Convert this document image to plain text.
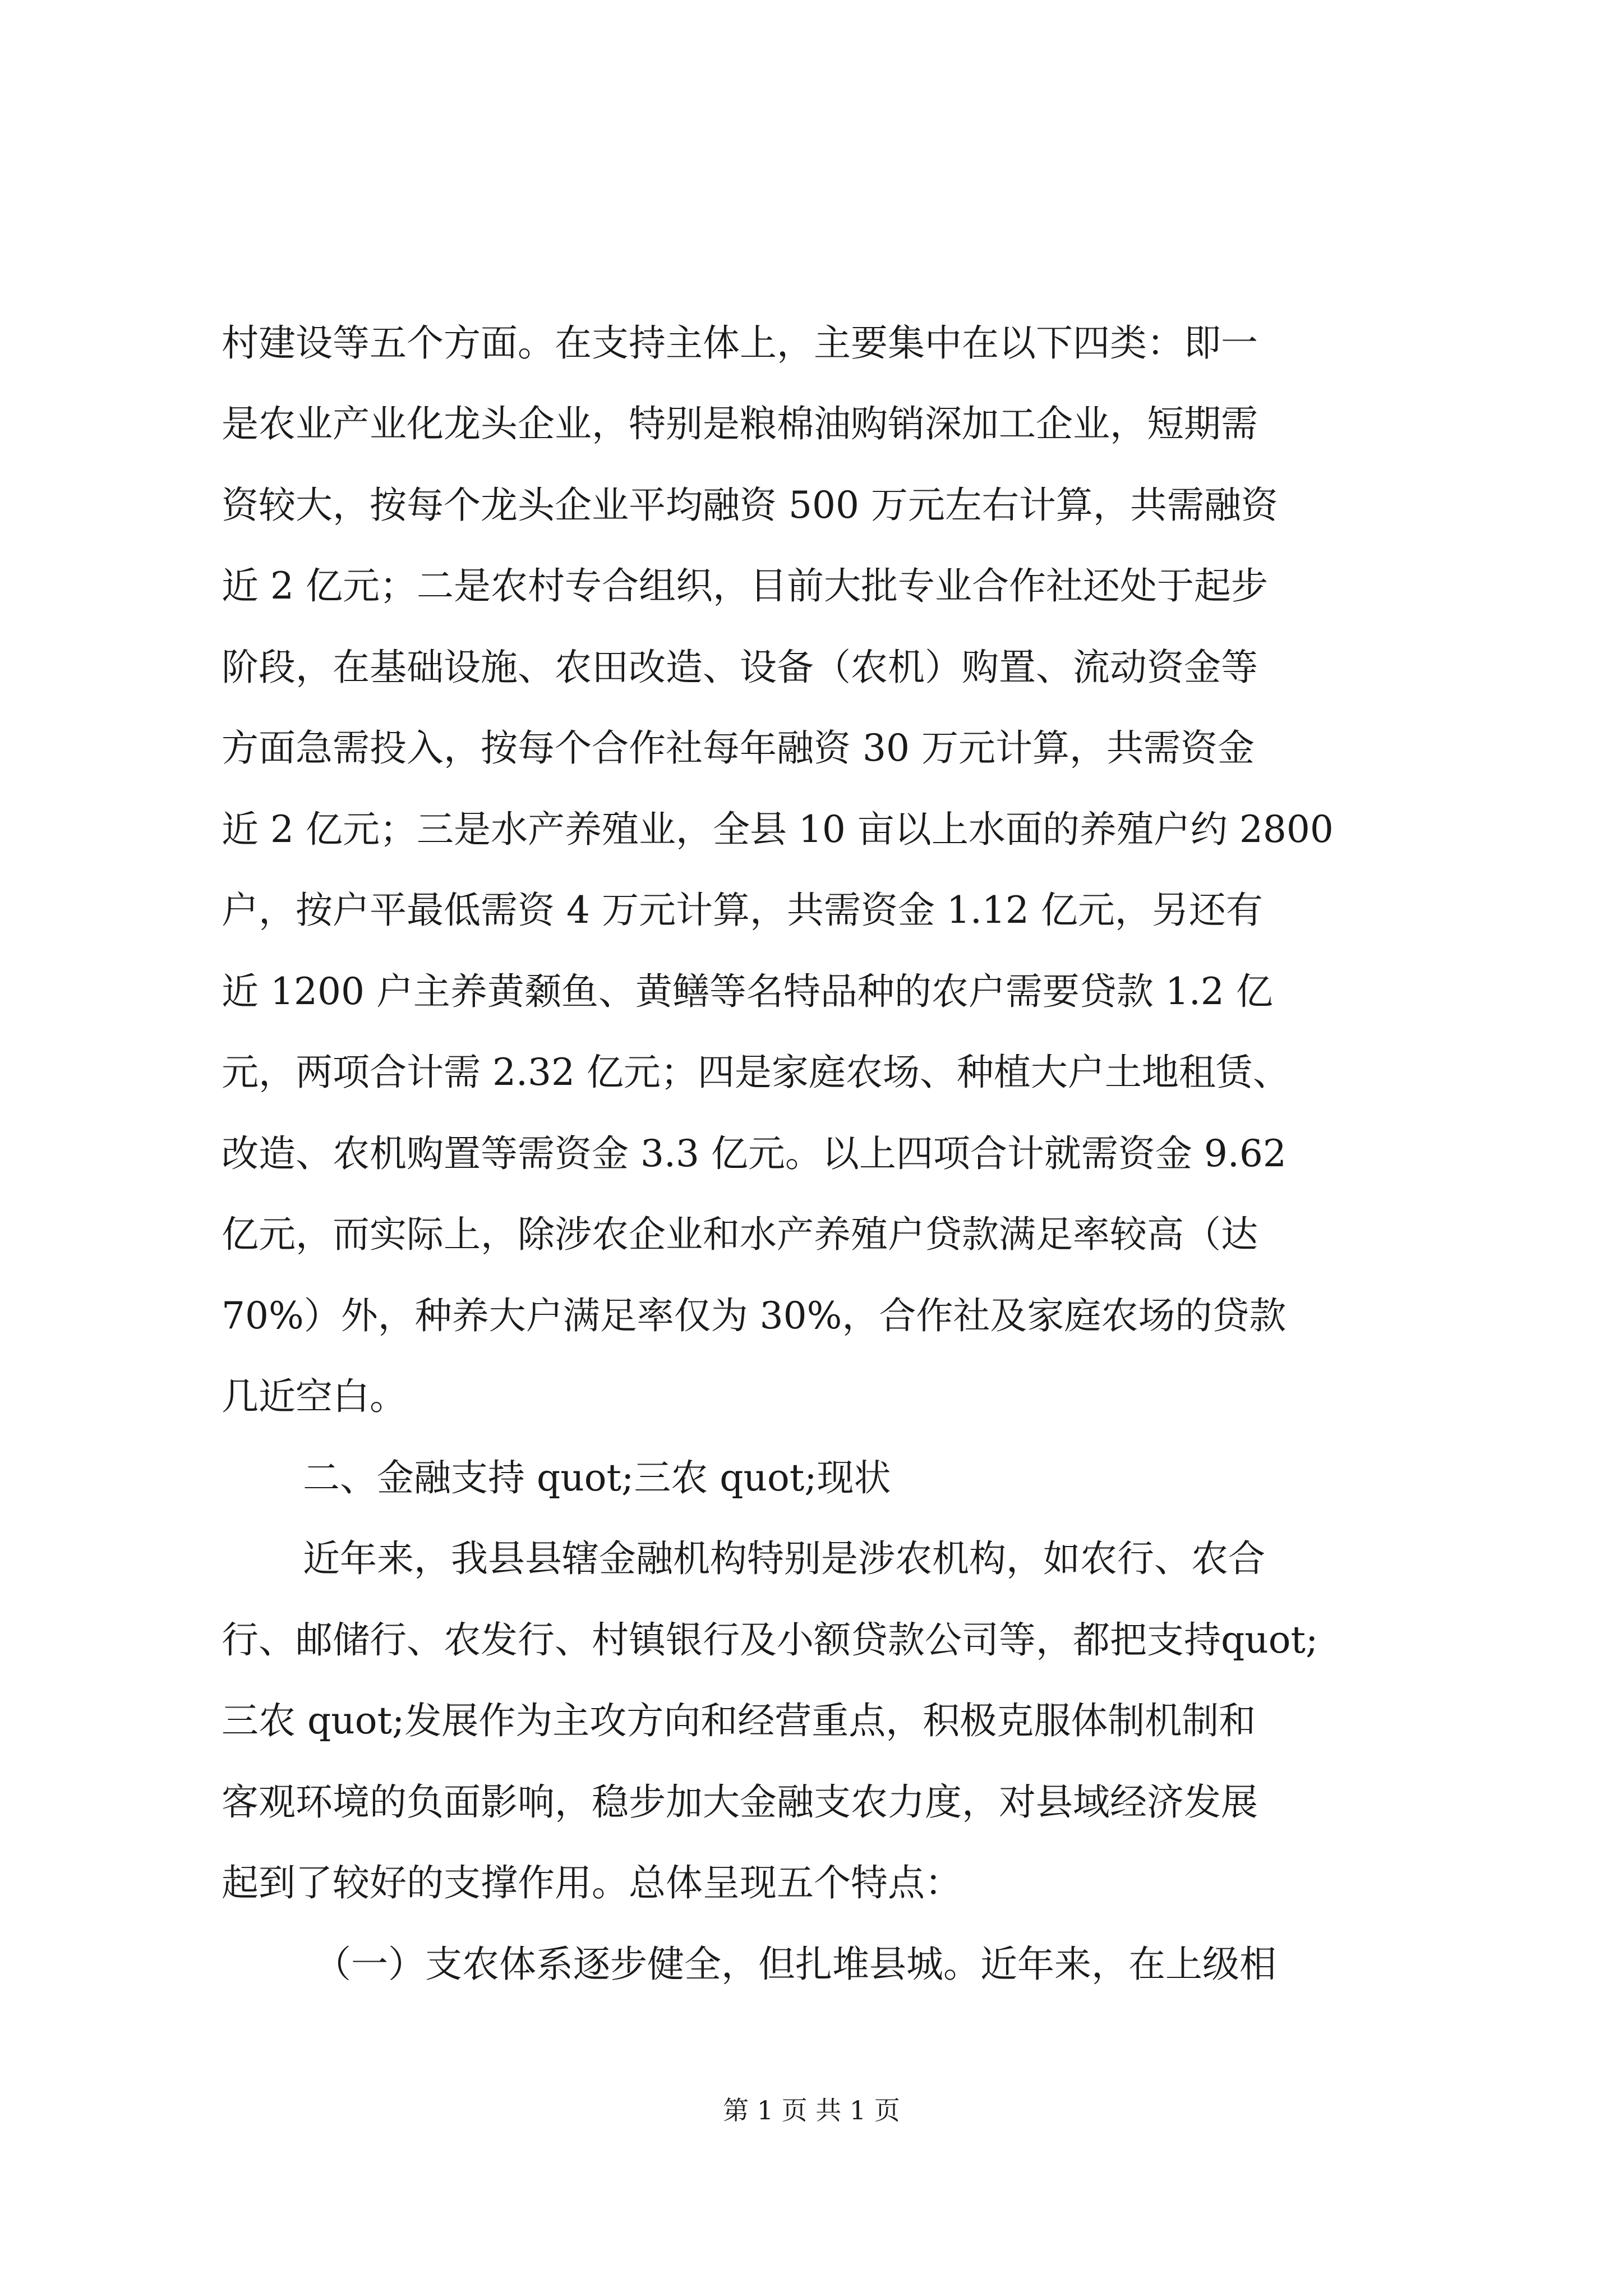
村建设等五个方面。在支持主体上，主要集中在以下四类：即一
是农业产业化龙头企业，特别是粮棉油购销深加工企业，短期需
资较大，按每个龙头企业平均融资 500 万元左右计算，共需融资
近 2 亿元；二是农村专合组织，目前大批专业合作社还处于起步
阶段，在基础设施、农田改造、设备（农机）购置、流动资金等
方面急需投入，按每个合作社每年融资 30 万元计算，共需资金
近 2 亿元；三是水产养殖业，全县 10 亩以上水面的养殖户约 2800
户，按户平最低需资 4 万元计算，共需资金 1.12 亿元，另还有
近 1200 户主养黄颡鱼、黄鳝等名特品种的农户需要贷款 1.2 亿
元，两项合计需 2.32 亿元；四是家庭农场、种植大户土地租赁、
改造、农机购置等需资金 3.3 亿元。以上四项合计就需资金 9.62
亿元，而实际上，除涉农企业和水产养殖户贷款满足率较高（达
70%）外，种养大户满足率仅为 30%，合作社及家庭农场的贷款
几近空白。
二、金融支持 quot;三农 quot;现状
近年来，我县县辖金融机构特别是涉农机构，如农行、农合
行、邮储行、农发行、村镇银行及小额贷款公司等，都把支持quot;
三农 quot;发展作为主攻方向和经营重点，积极克服体制机制和
客观环境的负面影响，稳步加大金融支农力度，对县域经济发展
起到了较好的支撑作用。总体呈现五个特点：
（一）支农体系逐步健全，但扎堆县城。近年来，在上级相
第 1 页 共 1 页
